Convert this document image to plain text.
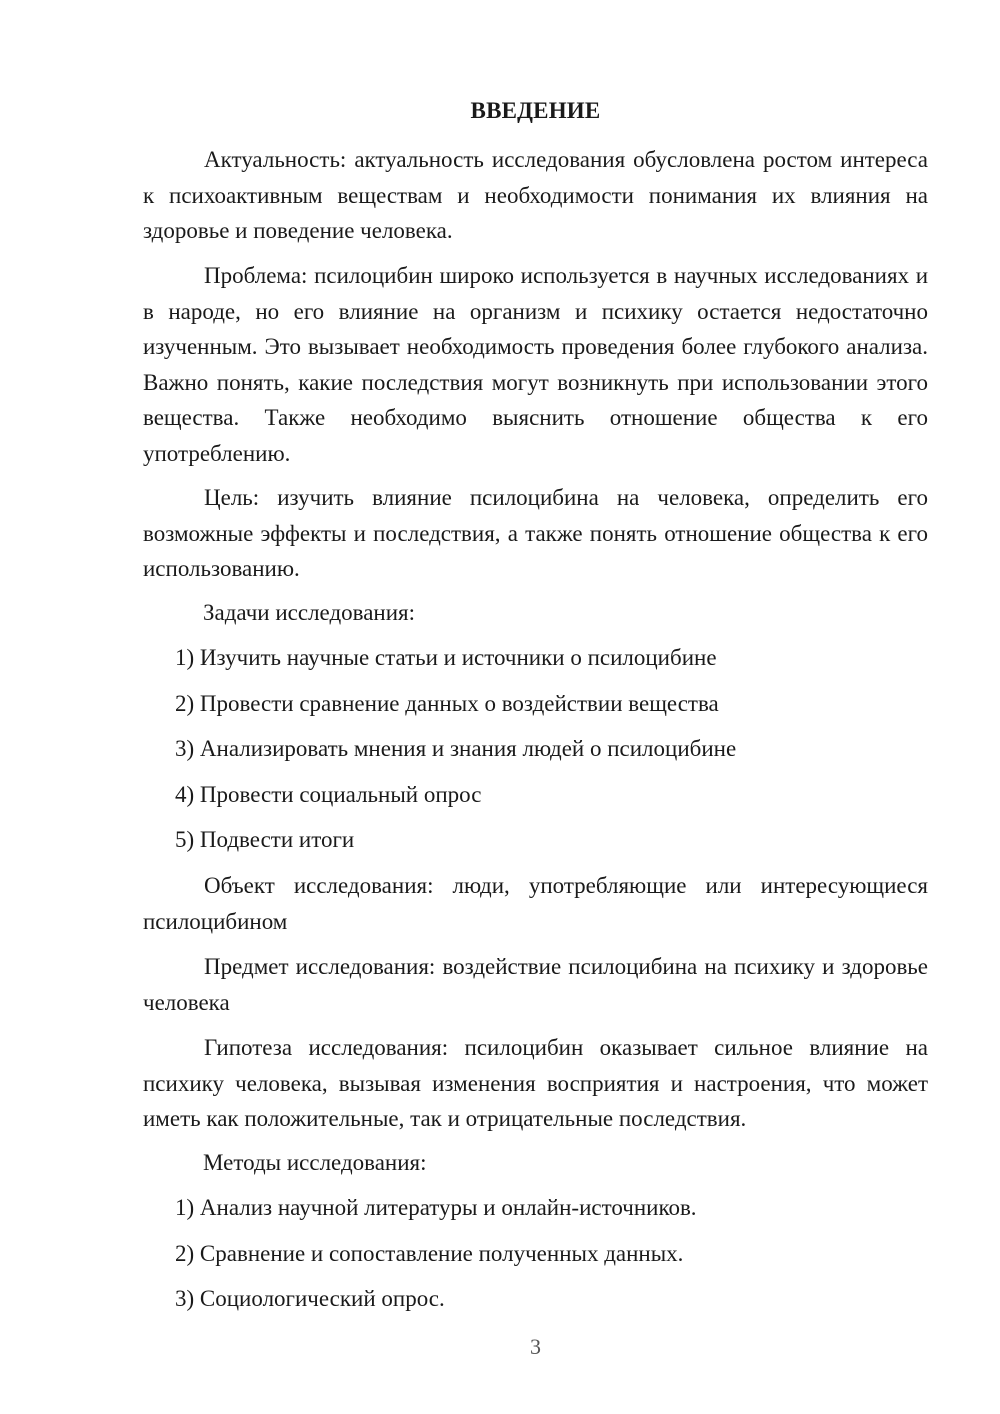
ВВЕДЕНИЕ

Актуальность: актуальность исследования обусловлена ростом интереса к психоактивным веществам и необходимости понимания их влияния на здоровье и поведение человека.

Проблема: псилоцибин широко используется в научных исследованиях и в народе, но его влияние на организм и психику остается недостаточно изученным. Это вызывает необходимость проведения более глубокого анализа. Важно понять, какие последствия могут возникнуть при использовании этого вещества. Также необходимо выяснить отношение общества к его употреблению.

Цель: изучить влияние псилоцибина на человека, определить его возможные эффекты и последствия, а также понять отношение общества к его использованию.

Задачи исследования:

1) Изучить научные статьи и источники о псилоцибине

2) Провести сравнение данных о воздействии вещества

3) Анализировать мнения и знания людей о псилоцибине

4) Провести социальный опрос

5) Подвести итоги

Объект исследования: люди, употребляющие или интересующиеся псилоцибином

Предмет исследования: воздействие псилоцибина на психику и здоровье человека

Гипотеза исследования: псилоцибин оказывает сильное влияние на психику человека, вызывая изменения восприятия и настроения, что может иметь как положительные, так и отрицательные последствия.

Методы исследования:

1) Анализ научной литературы и онлайн-источников.

2) Сравнение и сопоставление полученных данных.

3) Социологический опрос.

3
